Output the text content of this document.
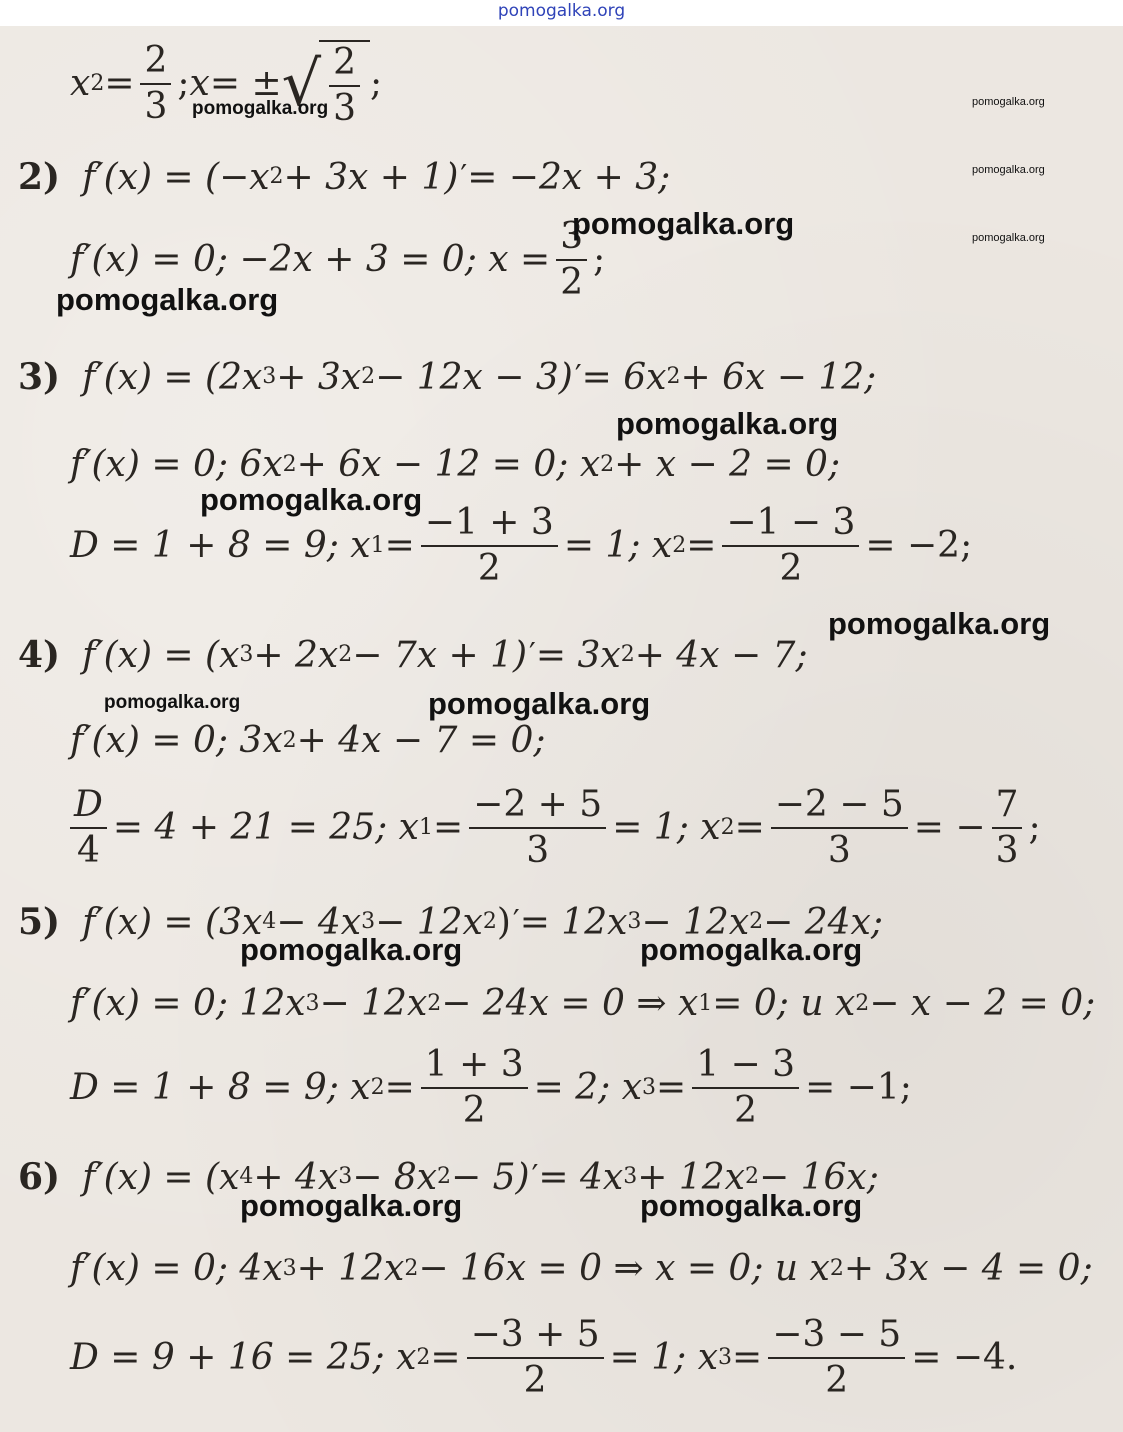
pomogalka.org
x $2 = \frac{2}{3}$ ; x = ± √ $\frac{2}{3}$ ;
2) f′(x) = (−x 2 + 3x + 1) ′ = −2x + 3;
f′(x) = 0; −2x + 3 = 0; $x = \frac{3}{2}$ ;
3) f′(x) = (2x 3 + 3x 2 − 12x − 3) ′ = 6x 2 + 6x − 12;
f′(x) = 0; 6x 2 + 6x − 12 = 0; x 2 + x − 2 = 0;
D = 1 + 8 = 9; x $1 = \frac{-1 + 3}{2} = 1$; x $2 = \frac{-1 - 3}{2} = -2$;
4) f′(x) = (x 3 + 2x 2 − 7x + 1) ′ = 3x 2 + 4x − 7;
f′(x) = 0; 3x 2 + 4x − 7 = 0;
$\frac{D}{4} = 4 + 21 = 25$; x $1 = \frac{-2 + 5}{3} = 1$; x $2 = \frac{-2 - 5}{3}$ = − $\frac{7}{3}$ ;
5) f′(x) = (3x 4 − 4x 3 − 12x 2 ) ′ = 12x 3 − 12x 2 − 24x;
f′(x) = 0; 12x 3 − 12x 2 − 24x = 0 ⇒ x 1 = 0; и x 2 − x − 2 = 0;
D = 1 + 8 = 9; x $2 = \frac{1 + 3}{2} = 2$; x $3 = \frac{1 - 3}{2} = -1$;
6) f′(x) = (x 4 + 4x 3 − 8x 2 − 5) ′ = 4x 3 + 12x 2 − 16x;
f′(x) = 0; 4x 3 + 12x 2 − 16x = 0 ⇒ x = 0; и x 2 + 3x − 4 = 0;
D = 9 + 16 = 25; x $2 = \frac{-3 + 5}{2} = 1$; x $3 = \frac{-3 - 5}{2} = -4$.
pomogalka.org	pomogalka.org
pomogalka.org
pomogalka.org
pomogalka.org
pomogalka.org
pomogalka.org
pomogalka.org
pomogalka.org
pomogalka.org	pomogalka.org
pomogalka.org	pomogalka.org
pomogalka.org	pomogalka.org
